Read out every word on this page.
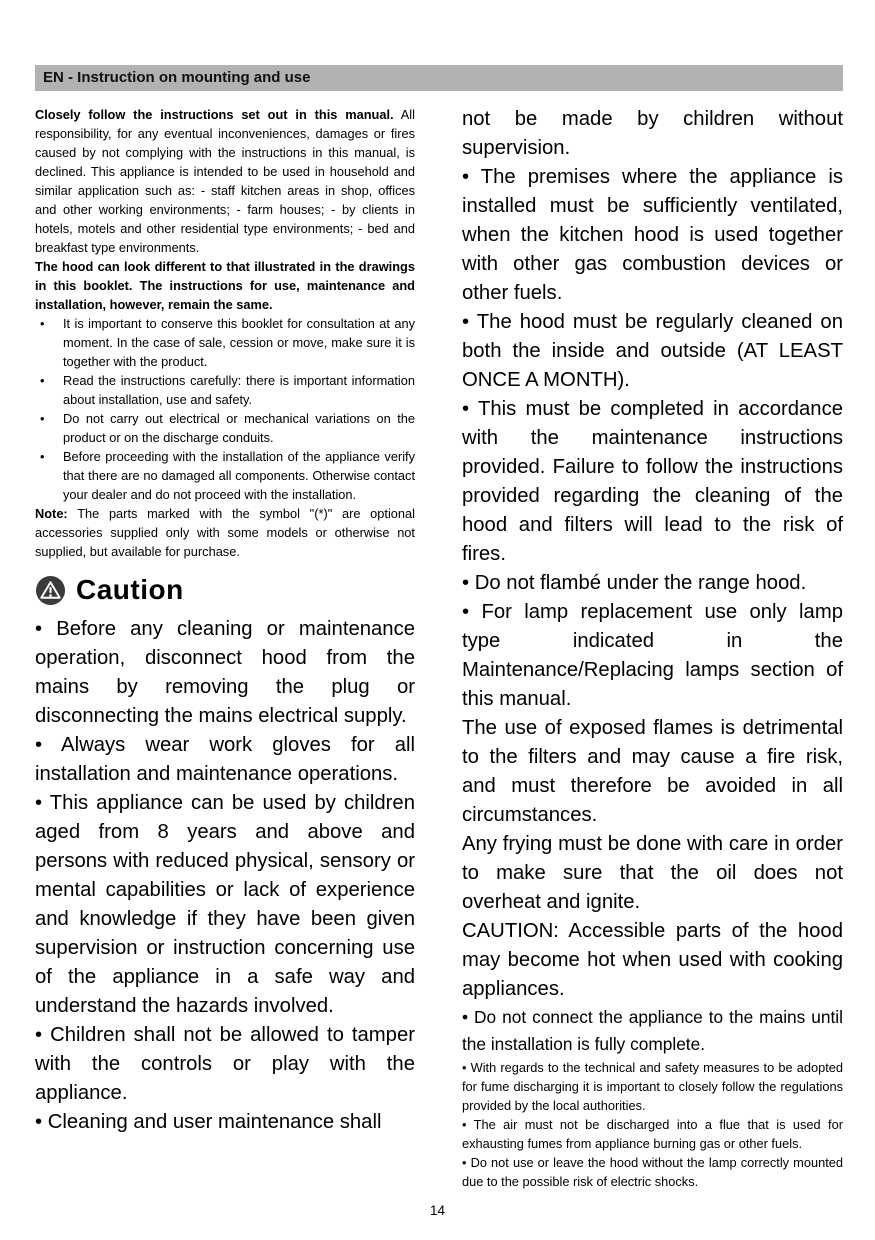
EN - Instruction on mounting and use

Closely follow the instructions set out in this manual. All responsibility, for any eventual inconveniences, damages or fires caused by not complying with the instructions in this manual, is declined. This appliance is intended to be used in household and similar application such as: - staff kitchen areas in shop, offices and other working environments; - farm houses; - by clients in hotels, motels and other residential type environments; - bed and breakfast type environments.

The hood can look different to that illustrated in the drawings in this booklet. The instructions for use, maintenance and installation, however, remain the same.

• It is important to conserve this booklet for consultation at any moment. In the case of sale, cession or move, make sure it is together with the product.
• Read the instructions carefully: there is important information about installation, use and safety.
• Do not carry out electrical or mechanical variations on the product or on the discharge conduits.
• Before proceeding with the installation of the appliance verify that there are no damaged all components. Otherwise contact your dealer and do not proceed with the installation.

Note: The parts marked with the symbol "(*)" are optional accessories supplied only with some models or otherwise not supplied, but available for purchase.

Caution

• Before any cleaning or maintenance operation, disconnect hood from the mains by removing the plug or disconnecting the mains electrical supply.

• Always wear work gloves for all installation and maintenance operations.

• This appliance can be used by children aged from 8 years and above and persons with reduced physical, sensory or mental capabilities or lack of experience and knowledge if they have been given supervision or instruction concerning use of the appliance in a safe way and understand the hazards involved.

• Children shall not be allowed to tamper with the controls or play with the appliance.

• Cleaning and user maintenance shall

not be made by children without supervision.

• The premises where the appliance is installed must be sufficiently ventilated, when the kitchen hood is used together with other gas combustion devices or other fuels.

• The hood must be regularly cleaned on both the inside and outside (AT LEAST ONCE A MONTH).

• This must be completed in accordance with the maintenance instructions provided. Failure to follow the instructions provided regarding the cleaning of the hood and filters will lead to the risk of fires.

• Do not flambé under the range hood.

• For lamp replacement use only lamp type indicated in the Maintenance/Replacing lamps section of this manual.

The use of exposed flames is detrimental to the filters and may cause a fire risk, and must therefore be avoided in all circumstances.

Any frying must be done with care in order to make sure that the oil does not overheat and ignite.

CAUTION: Accessible parts of the hood may become hot when used with cooking appliances.

• Do not connect the appliance to the mains until the installation is fully complete.

• With regards to the technical and safety measures to be adopted for fume discharging it is important to closely follow the regulations provided by the local authorities.

• The air must not be discharged into a flue that is used for exhausting fumes from appliance burning gas or other fuels.

• Do not use or leave the hood without the lamp correctly mounted due to the possible risk of electric shocks.

14
